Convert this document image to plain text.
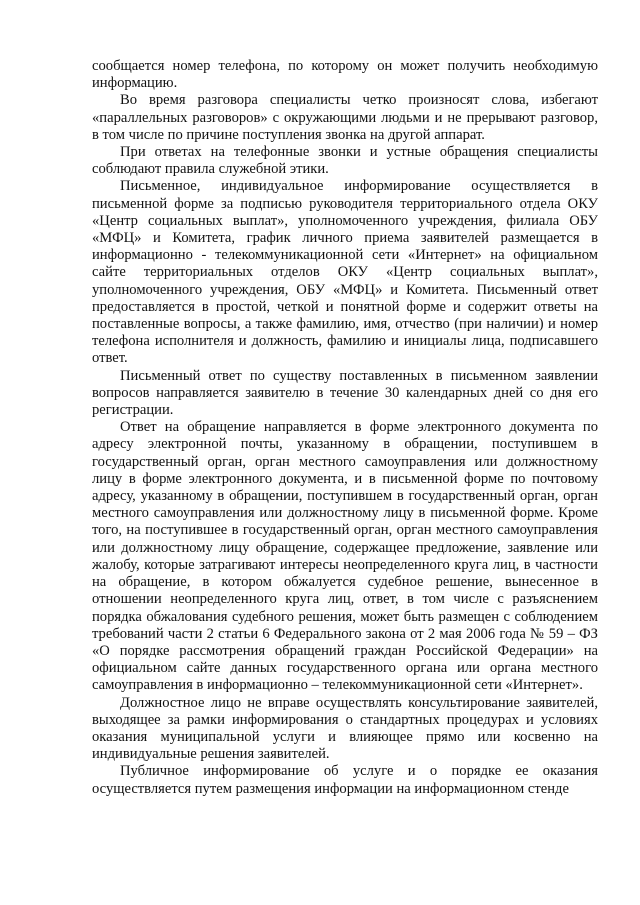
сообщается номер телефона, по которому он может получить необходимую информацию.

Во время разговора специалисты четко произносят слова, избегают «параллельных разговоров» с окружающими людьми и не прерывают разговор, в том числе по причине поступления звонка на другой аппарат.

При ответах на телефонные звонки и устные обращения специалисты соблюдают правила служебной этики.

Письменное, индивидуальное информирование осуществляется в письменной форме за подписью руководителя территориального отдела ОКУ «Центр социальных выплат», уполномоченного учреждения, филиала ОБУ «МФЦ» и Комитета, график личного приема заявителей размещается в информационно - телекоммуникационной сети «Интернет» на официальном сайте территориальных отделов ОКУ «Центр социальных выплат», уполномоченного учреждения, ОБУ «МФЦ» и Комитета. Письменный ответ предоставляется в простой, четкой и понятной форме и содержит ответы на поставленные вопросы, а также фамилию, имя, отчество (при наличии) и номер телефона исполнителя и должность, фамилию и инициалы лица, подписавшего ответ.

Письменный ответ по существу поставленных в письменном заявлении вопросов направляется заявителю в течение 30 календарных дней со дня его регистрации.

Ответ на обращение направляется в форме электронного документа по адресу электронной почты, указанному в обращении, поступившем в государственный орган, орган местного самоуправления или должностному лицу в форме электронного документа, и в письменной форме по почтовому адресу, указанному в обращении, поступившем в государственный орган, орган местного самоуправления или должностному лицу в письменной форме. Кроме того, на поступившее в государственный орган, орган местного самоуправления или должностному лицу обращение, содержащее предложение, заявление или жалобу, которые затрагивают интересы неопределенного круга лиц, в частности на обращение, в котором обжалуется судебное решение, вынесенное в отношении неопределенного круга лиц, ответ, в том числе с разъяснением порядка обжалования судебного решения, может быть размещен с соблюдением требований части 2 статьи 6 Федерального закона от 2 мая 2006 года № 59 – ФЗ «О порядке рассмотрения обращений граждан Российской Федерации» на официальном сайте данных государственного органа или органа местного самоуправления в информационно – телекоммуникационной сети «Интернет».

Должностное лицо не вправе осуществлять консультирование заявителей, выходящее за рамки информирования о стандартных процедурах и условиях оказания муниципальной услуги и влияющее прямо или косвенно на индивидуальные решения заявителей.

Публичное информирование об услуге и о порядке ее оказания осуществляется путем размещения информации на информационном стенде
